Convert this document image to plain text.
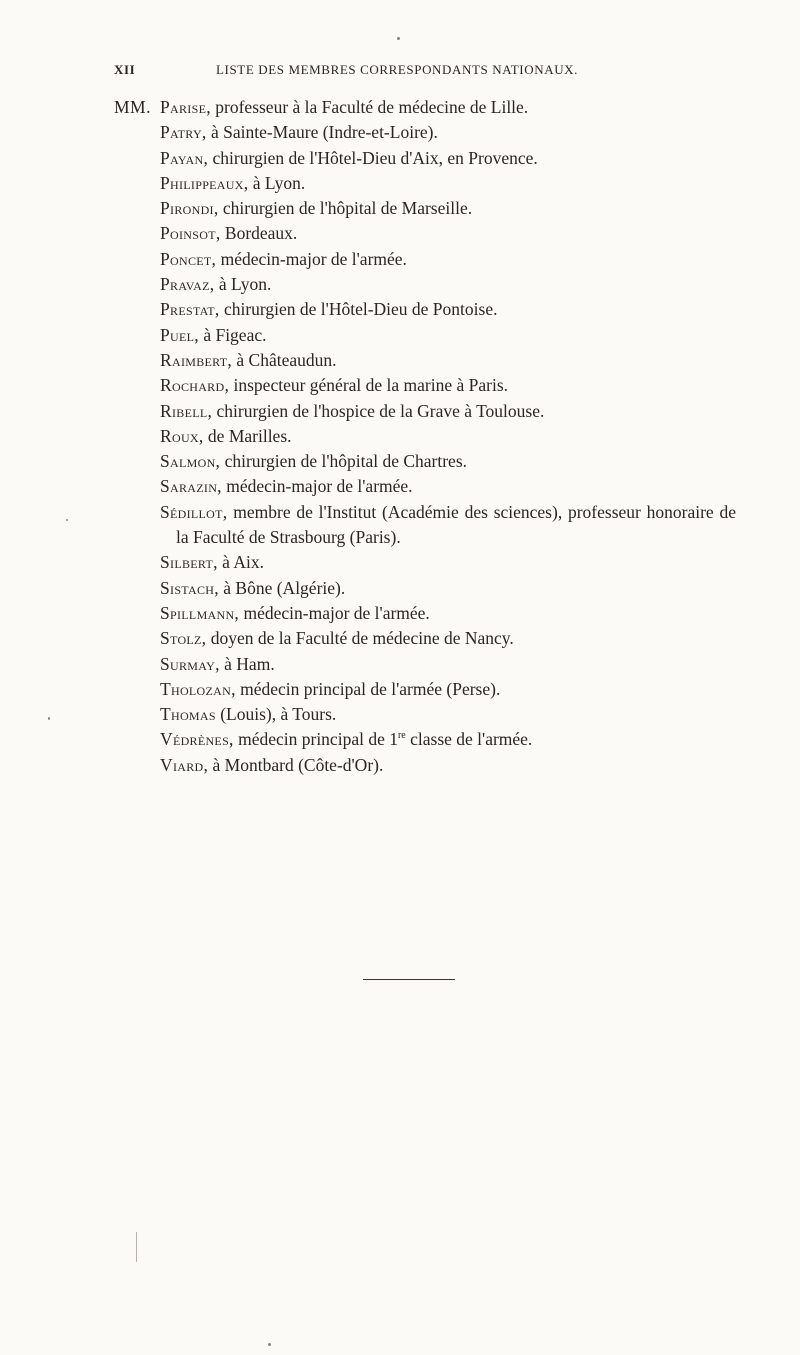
XII	LISTE DES MEMBRES CORRESPONDANTS NATIONAUX.
MM. Parise, professeur à la Faculté de médecine de Lille.
Patry, à Sainte-Maure (Indre-et-Loire).
Payan, chirurgien de l'Hôtel-Dieu d'Aix, en Provence.
Philippeaux, à Lyon.
Pirondi, chirurgien de l'hôpital de Marseille.
Poinsot, Bordeaux.
Poncet, médecin-major de l'armée.
Pravaz, à Lyon.
Prestat, chirurgien de l'Hôtel-Dieu de Pontoise.
Puel, à Figeac.
Raimbert, à Châteaudun.
Rochard, inspecteur général de la marine à Paris.
Ribell, chirurgien de l'hospice de la Grave à Toulouse.
Roux, de Marilles.
Salmon, chirurgien de l'hôpital de Chartres.
Sarazin, médecin-major de l'armée.
Sédillot, membre de l'Institut (Académie des sciences), professeur honoraire de la Faculté de Strasbourg (Paris).
Silbert, à Aix.
Sistach, à Bône (Algérie).
Spillmann, médecin-major de l'armée.
Stolz, doyen de la Faculté de médecine de Nancy.
Surmay, à Ham.
Tholozan, médecin principal de l'armée (Perse).
Thomas (Louis), à Tours.
Védrènes, médecin principal de 1re classe de l'armée.
Viard, à Montbard (Côte-d'Or).
